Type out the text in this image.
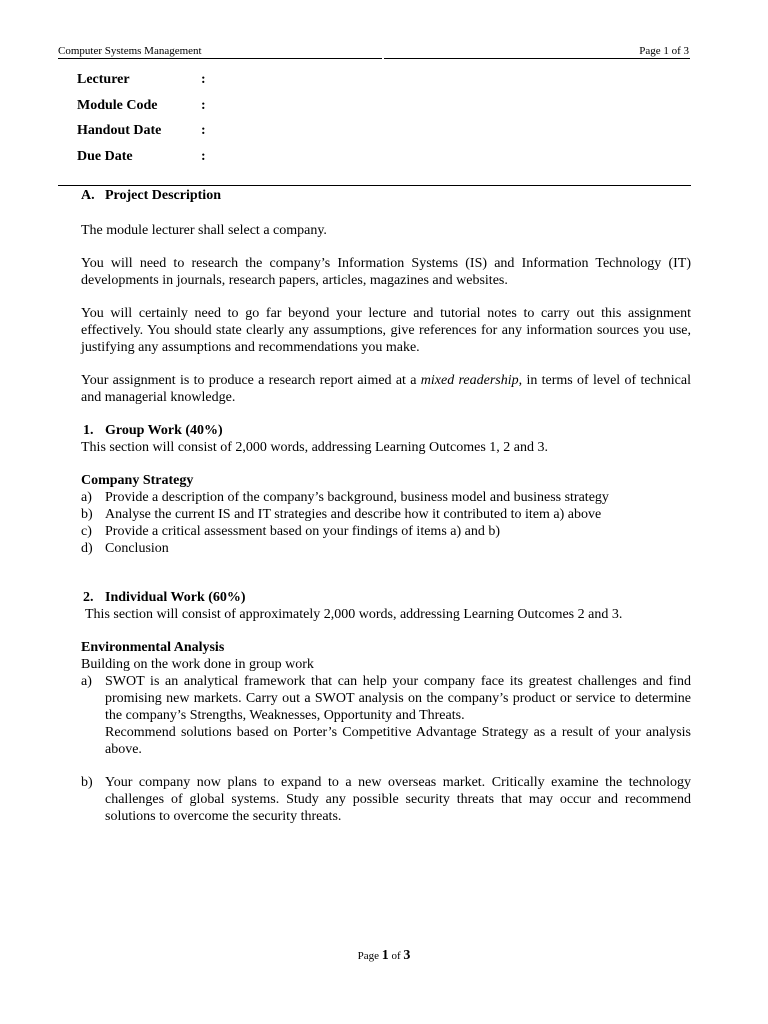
Computer Systems Management	Page 1 of 3
Lecturer	:
Module Code	:
Handout Date	:
Due Date	:
A. Project Description

The module lecturer shall select a company.

You will need to research the company’s Information Systems (IS) and Information Technology (IT) developments in journals, research papers, articles, magazines and websites.

You will certainly need to go far beyond your lecture and tutorial notes to carry out this assignment effectively. You should state clearly any assumptions, give references for any information sources you use, justifying any assumptions and recommendations you make.

Your assignment is to produce a research report aimed at a mixed readership, in terms of level of technical and managerial knowledge.

1. Group Work (40%)

This section will consist of 2,000 words, addressing Learning Outcomes 1, 2 and 3.

Company Strategy
a) Provide a description of the company’s background, business model and business strategy
b) Analyse the current IS and IT strategies and describe how it contributed to item a) above
c) Provide a critical assessment based on your findings of items a) and b)
d) Conclusion
2. Individual Work (60%)

This section will consist of approximately 2,000 words, addressing Learning Outcomes 2 and 3.

Environmental Analysis

Building on the work done in group work

a) SWOT is an analytical framework that can help your company face its greatest challenges and find promising new markets. Carry out a SWOT analysis on the company’s product or service to determine the company’s Strengths, Weaknesses, Opportunity and Threats.
Recommend solutions based on Porter’s Competitive Advantage Strategy as a result of your analysis above.
b) Your company now plans to expand to a new overseas market. Critically examine the technology challenges of global systems. Study any possible security threats that may occur and recommend solutions to overcome the security threats.
Page 1 of 3
